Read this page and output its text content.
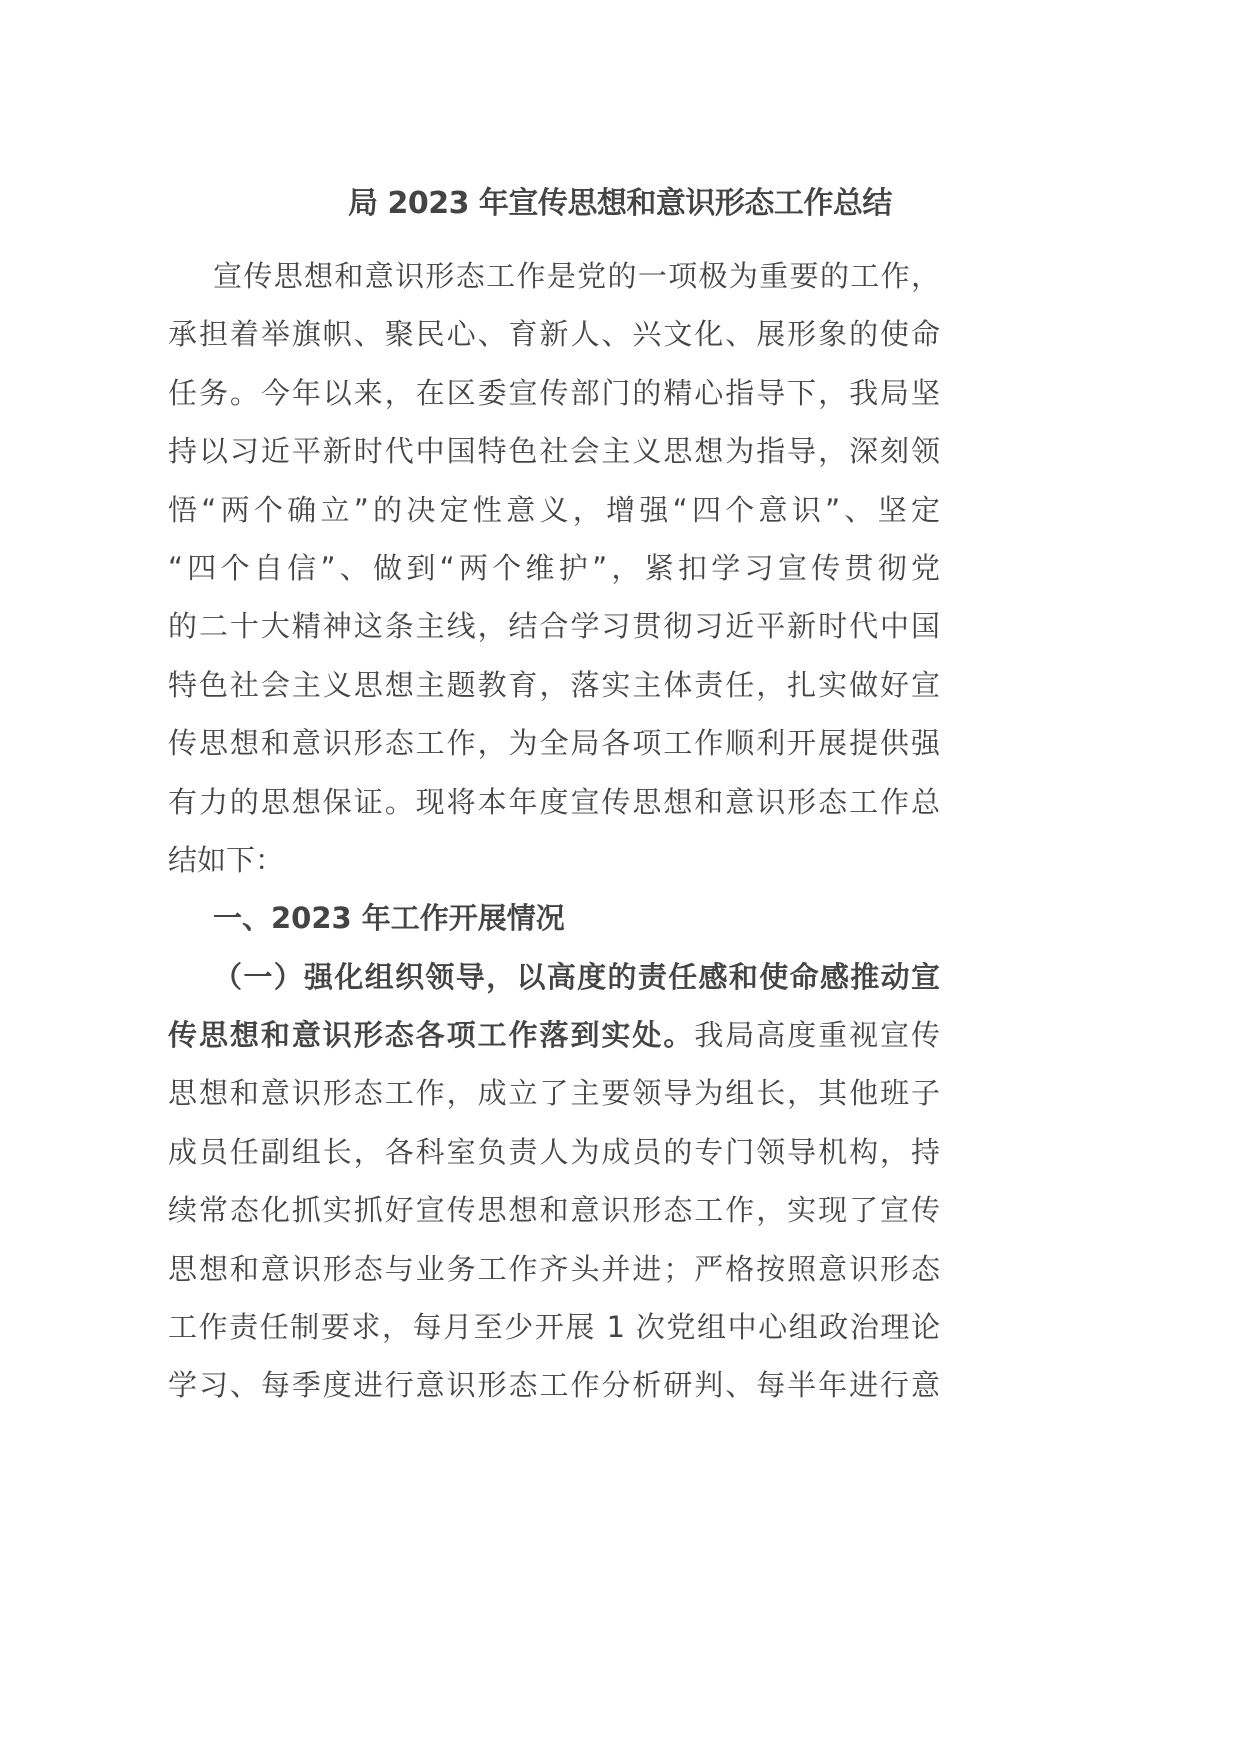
局 2023 年宣传思想和意识形态工作总结
宣传思想和意识形态工作是党的一项极为重要的工作，
承担着举旗帜、聚民心、育新人、兴文化、展形象的使命
任务。今年以来，在区委宣传部门的精心指导下，我局坚
持以习近平新时代中国特色社会主义思想为指导，深刻领
悟“两个确立”的决定性意义，增强“四个意识”、坚定
“四个自信”、做到“两个维护”，紧扣学习宣传贯彻党
的二十大精神这条主线，结合学习贯彻习近平新时代中国
特色社会主义思想主题教育，落实主体责任，扎实做好宣
传思想和意识形态工作，为全局各项工作顺利开展提供强
有力的思想保证。现将本年度宣传思想和意识形态工作总
结如下：
一、2023 年工作开展情况
（一）强化组织领导，以高度的责任感和使命感推动宣
传思想和意识形态各项工作落到实处。我局高度重视宣传
思想和意识形态工作，成立了主要领导为组长，其他班子
成员任副组长，各科室负责人为成员的专门领导机构，持
续常态化抓实抓好宣传思想和意识形态工作，实现了宣传
思想和意识形态与业务工作齐头并进；严格按照意识形态
工作责任制要求，每月至少开展 1 次党组中心组政治理论
学习、每季度进行意识形态工作分析研判、每半年进行意
